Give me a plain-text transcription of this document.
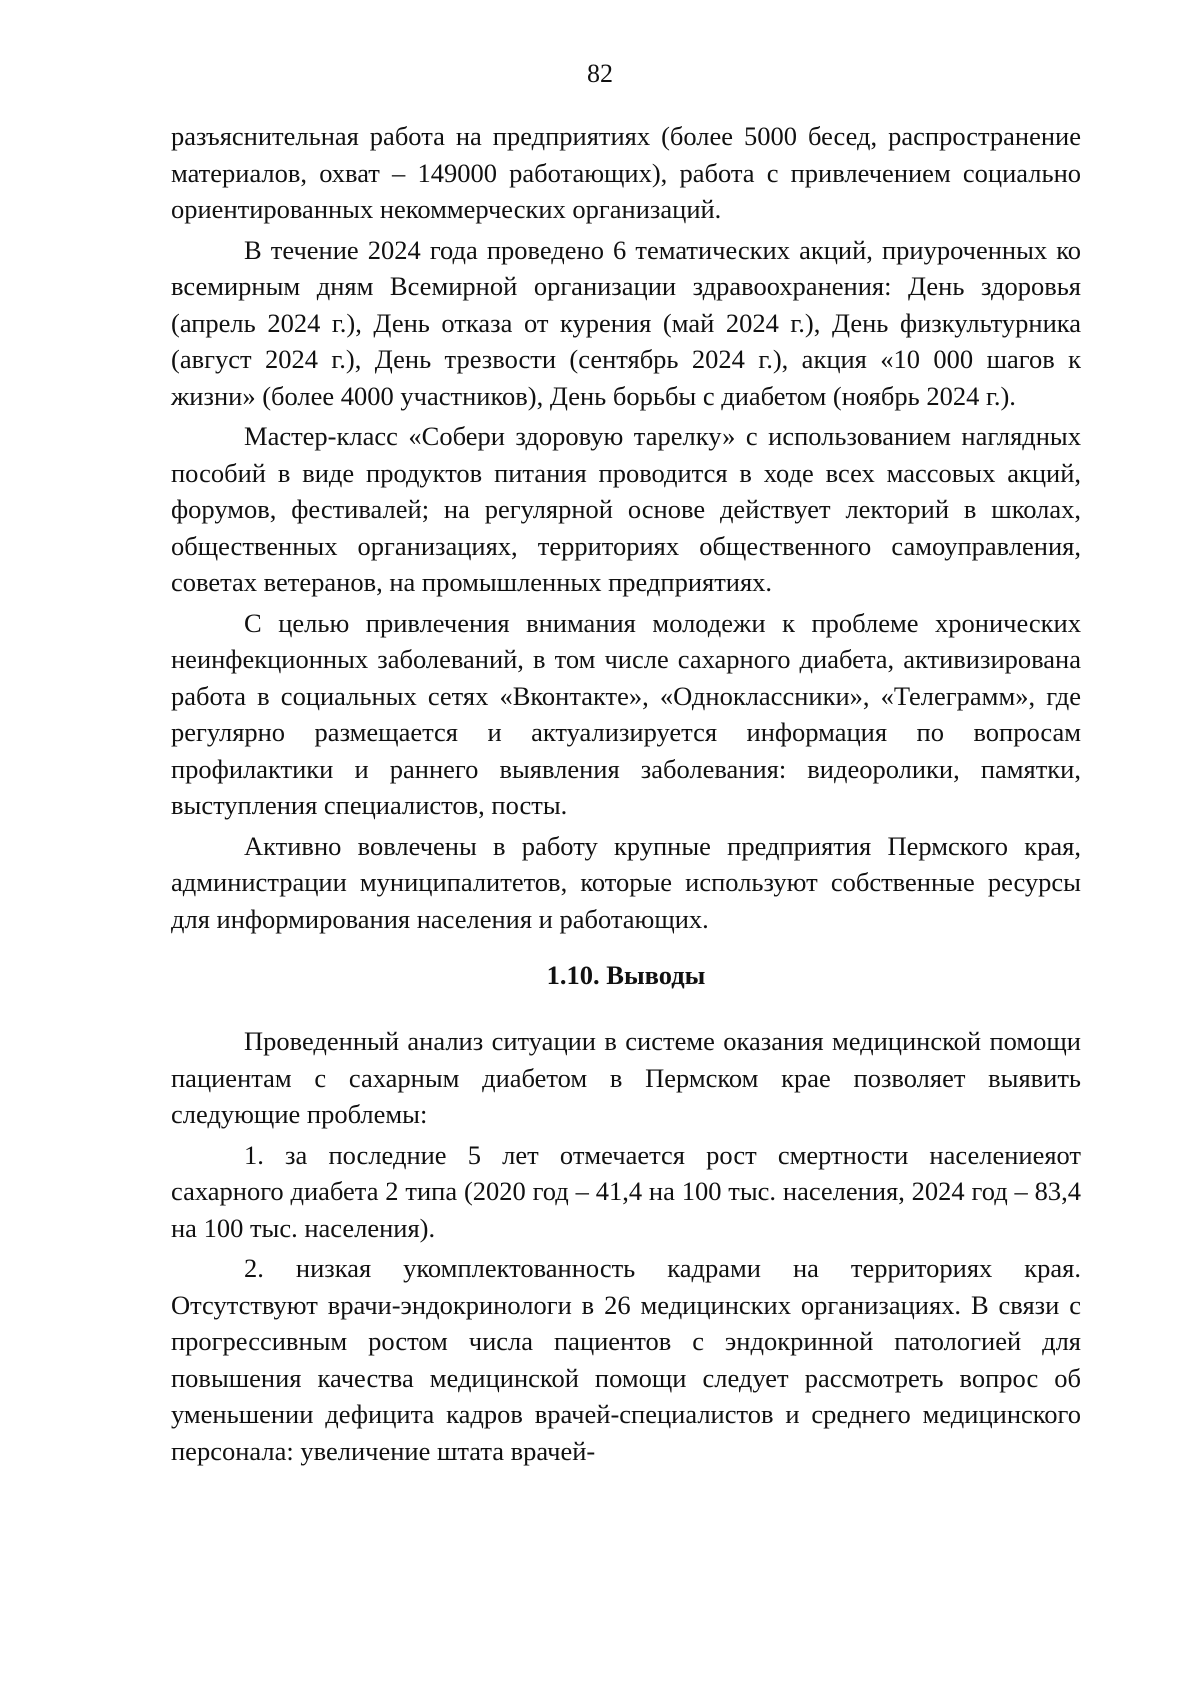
82

разъяснительная работа на предприятиях (более 5000 бесед, распространение материалов, охват – 149000 работающих), работа с привлечением социально ориентированных некоммерческих организаций.

В течение 2024 года проведено 6 тематических акций, приуроченных ко всемирным дням Всемирной организации здравоохранения: День здоровья (апрель 2024 г.), День отказа от курения (май 2024 г.), День физкультурника (август 2024 г.), День трезвости (сентябрь 2024 г.), акция «10 000 шагов к жизни» (более 4000 участников), День борьбы с диабетом (ноябрь 2024 г.).

Мастер-класс «Собери здоровую тарелку» с использованием наглядных пособий в виде продуктов питания проводится в ходе всех массовых акций, форумов, фестивалей; на регулярной основе действует лекторий в школах, общественных организациях, территориях общественного самоуправления, советах ветеранов, на промышленных предприятиях.

С целью привлечения внимания молодежи к проблеме хронических неинфекционных заболеваний, в том числе сахарного диабета, активизирована работа в социальных сетях «Вконтакте», «Одноклассники», «Телеграмм», где регулярно размещается и актуализируется информация по вопросам профилактики и раннего выявления заболевания: видеоролики, памятки, выступления специалистов, посты.

Активно вовлечены в работу крупные предприятия Пермского края, администрации муниципалитетов, которые используют собственные ресурсы для информирования населения и работающих.

1.10. Выводы

Проведенный анализ ситуации в системе оказания медицинской помощи пациентам с сахарным диабетом в Пермском крае позволяет выявить следующие проблемы:

1. за последние 5 лет отмечается рост смертности населениеяот сахарного диабета 2 типа (2020 год – 41,4 на 100 тыс. населения, 2024 год – 83,4 на 100 тыс. населения).

2. низкая укомплектованность кадрами на территориях края. Отсутствуют врачи-эндокринологи в 26 медицинских организациях. В связи с прогрессивным ростом числа пациентов с эндокринной патологией для повышения качества медицинской помощи следует рассмотреть вопрос об уменьшении дефицита кадров врачей-специалистов и среднего медицинского персонала: увеличение штата врачей-
